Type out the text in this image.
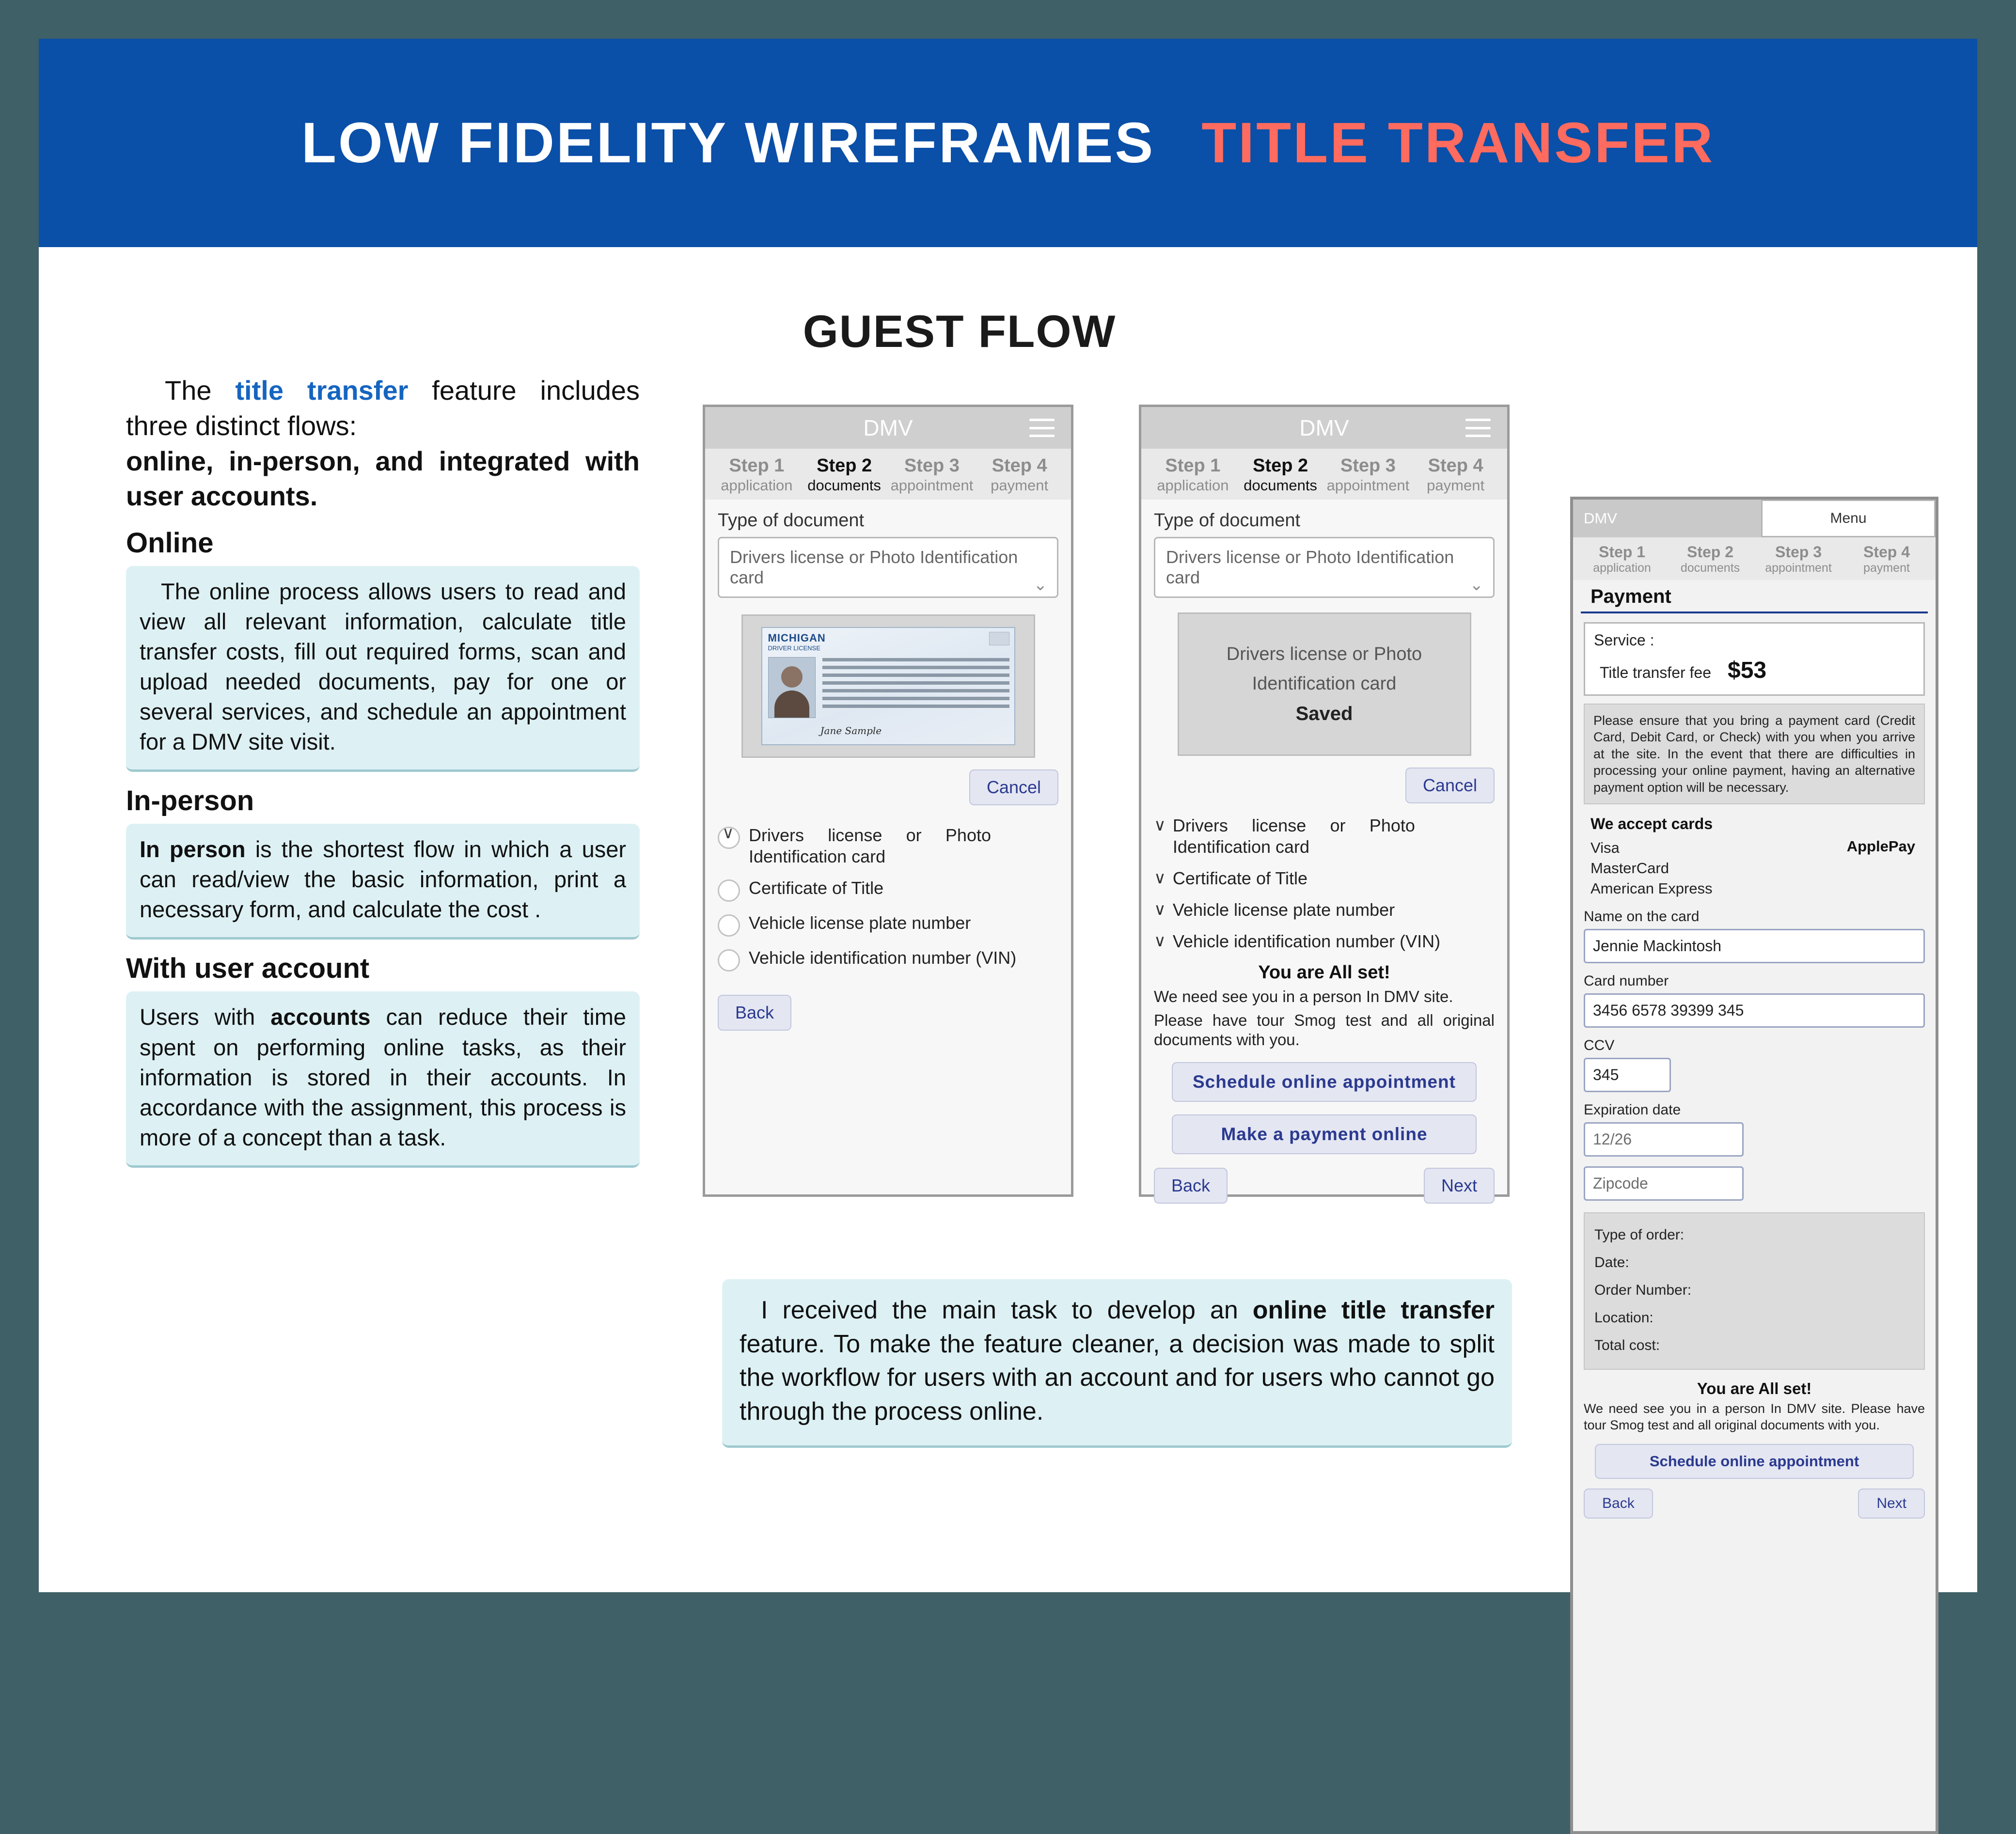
LOW FIDELITY WIREFRAMES TITLE TRANSFER
GUEST FLOW
The title transfer feature includes three distinct flows:
online, in-person, and integrated with user accounts.
Online
The online process allows users to read and view all relevant information, calculate title transfer costs, fill out required forms, scan and upload needed documents, pay for one or several services, and schedule an appointment for a DMV site visit.
In-person
In person is the shortest flow in which a user can read/view the basic information, print a necessary form, and calculate the cost .
With user account
Users with accounts can reduce their time spent on performing online tasks, as their information is stored in their accounts. In accordance with the assignment, this process is more of a concept than a task.
DMV
Step 1
application
Step 2
documents
Step 3
appointment
Step 4
payment
Type of document
Drivers license or Photo Identification card	⌄
MICHIGAN
DRIVER LICENSE
Jane Sample
Cancel
∨
Drivers license or Photo Identification card
Certificate of Title
Vehicle license plate number
Vehicle identification number (VIN)
Back
DMV
Step 1
application
Step 2
documents
Step 3
appointment
Step 4
payment
Type of document
Drivers license or Photo Identification card	⌄
Drivers license or Photo
Identification card
Saved
Cancel
∨ Drivers license or Photo Identification card
∨ Certificate of Title
∨ Vehicle license plate number
∨ Vehicle identification number (VIN)
You are All set!
We need see you in a person In DMV site.
Please have tour Smog test and all original documents with you.
Schedule online appointment
Make a payment online
Back	Next
I received the main task to develop an online title transfer feature. To make the feature cleaner, a decision was made to split the workflow for users with an account and for users who cannot go through the process online.
DMV	Menu
Step 1
application
Step 2
documents
Step 3
appointment
Step 4
payment
Payment
Service :
Title transfer fee $53
Please ensure that you bring a payment card (Credit Card, Debit Card, or Check) with you when you arrive at the site. In the event that there are difficulties in processing your online payment, having an alternative payment option will be necessary.
We accept cards
Visa
MasterCard
American Express
ApplePay
Name on the card
Jennie Mackintosh
Card number
3456 6578 39399 345
CCV
345
Expiration date
12/26
Zipcode
Type of order:
Date:
Order Number:
Location:
Total cost:
You are All set!
We need see you in a person In DMV site. Please have tour Smog test and all original documents with you.
Schedule online appointment
Back	Next
